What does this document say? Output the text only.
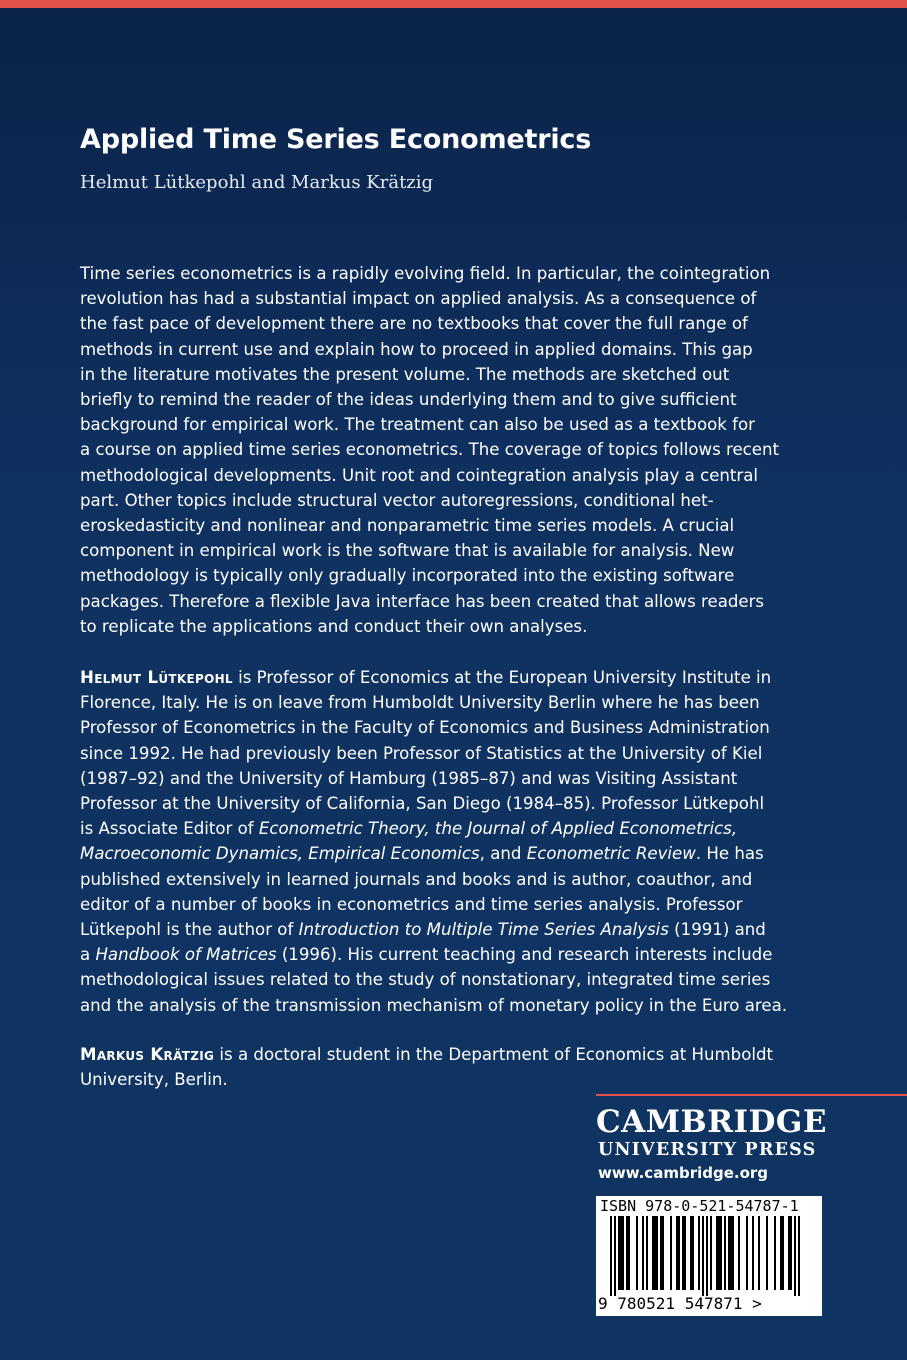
Applied Time Series Econometrics
Helmut Lütkepohl and Markus Krätzig

Time series econometrics is a rapidly evolving field. In particular, the cointegration

revolution has had a substantial impact on applied analysis. As a consequence of

the fast pace of development there are no textbooks that cover the full range of

methods in current use and explain how to proceed in applied domains. This gap

in the literature motivates the present volume. The methods are sketched out

briefly to remind the reader of the ideas underlying them and to give sufficient

background for empirical work. The treatment can also be used as a textbook for

a course on applied time series econometrics. The coverage of topics follows recent

methodological developments. Unit root and cointegration analysis play a central

part. Other topics include structural vector autoregressions, conditional het-

eroskedasticity and nonlinear and nonparametric time series models. A crucial

component in empirical work is the software that is available for analysis. New

methodology is typically only gradually incorporated into the existing software

packages. Therefore a flexible Java interface has been created that allows readers

to replicate the applications and conduct their own analyses.

Helmut Lütkepohl is Professor of Economics at the European University Institute in

Florence, Italy. He is on leave from Humboldt University Berlin where he has been

Professor of Econometrics in the Faculty of Economics and Business Administration

since 1992. He had previously been Professor of Statistics at the University of Kiel

(1987–92) and the University of Hamburg (1985–87) and was Visiting Assistant

Professor at the University of California, San Diego (1984–85). Professor Lütkepohl

is Associate Editor of Econometric Theory, the Journal of Applied Econometrics,

Macroeconomic Dynamics, Empirical Economics, and Econometric Review. He has

published extensively in learned journals and books and is author, coauthor, and

editor of a number of books in econometrics and time series analysis. Professor

Lütkepohl is the author of Introduction to Multiple Time Series Analysis (1991) and

a Handbook of Matrices (1996). His current teaching and research interests include

methodological issues related to the study of nonstationary, integrated time series

and the analysis of the transmission mechanism of monetary policy in the Euro area.

Markus Krätzig is a doctoral student in the Department of Economics at Humboldt

University, Berlin.

CAMBRIDGE
UNIVERSITY PRESS
www.cambridge.org
ISBN 978-0-521-54787-1
9 780521 547871 >
